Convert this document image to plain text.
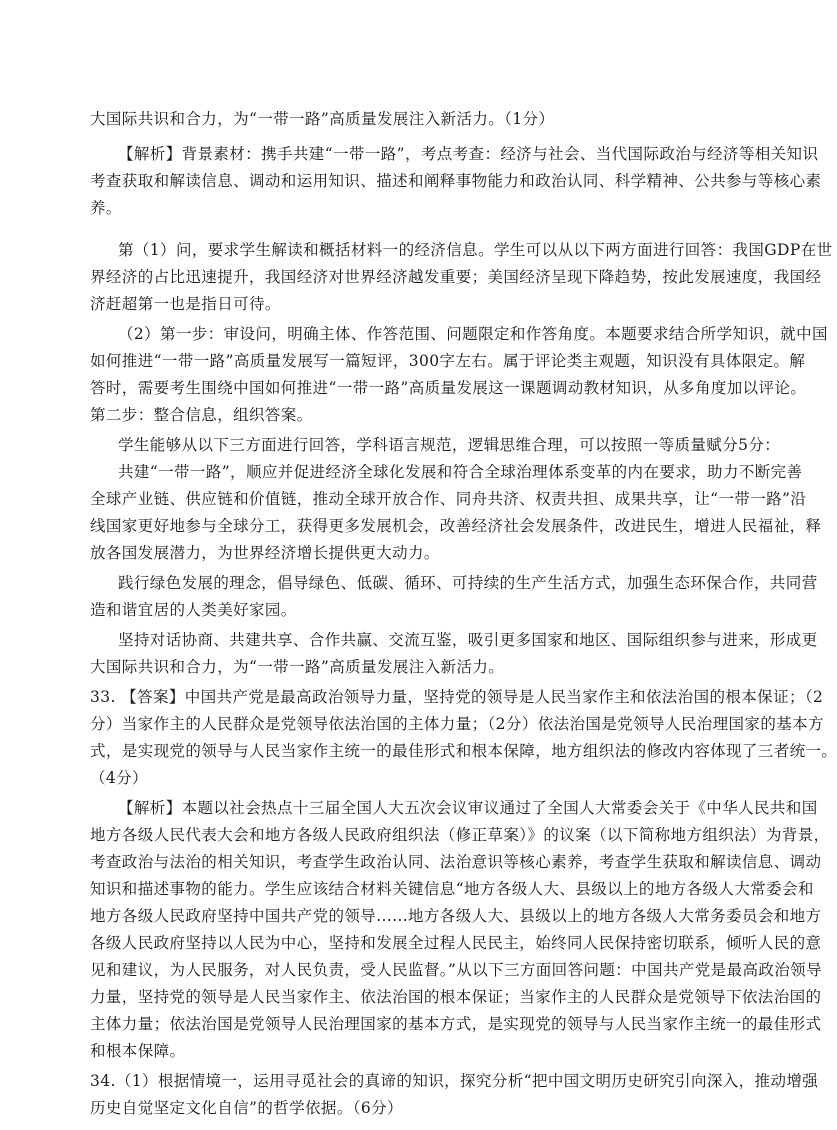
大国际共识和合力，为“一带一路”高质量发展注入新活力。（1分）
【解析】背景素材：携手共建“一带一路”，考点考查：经济与社会、当代国际政治与经济等相关知识
考查获取和解读信息、调动和运用知识、描述和阐释事物能力和政治认同、科学精神、公共参与等核心素
养。
第（1）问，要求学生解读和概括材料一的经济信息。学生可以从以下两方面进行回答：我国GDP在世
界经济的占比迅速提升，我国经济对世界经济越发重要；美国经济呈现下降趋势，按此发展速度，我国经
济赶超第一也是指日可待。
（2）第一步：审设问，明确主体、作答范围、问题限定和作答角度。本题要求结合所学知识，就中国
如何推进“一带一路”高质量发展写一篇短评，300字左右。属于评论类主观题，知识没有具体限定。解
答时，需要考生围绕中国如何推进“一带一路”高质量发展这一课题调动教材知识，从多角度加以评论。
第二步：整合信息，组织答案。
学生能够从以下三方面进行回答，学科语言规范，逻辑思维合理，可以按照一等质量赋分5分：
共建“一带一路”，顺应并促进经济全球化发展和符合全球治理体系变革的内在要求，助力不断完善
全球产业链、供应链和价值链，推动全球开放合作、同舟共济、权责共担、成果共享，让“一带一路”沿
线国家更好地参与全球分工，获得更多发展机会，改善经济社会发展条件，改进民生，增进人民福祉，释
放各国发展潜力，为世界经济增长提供更大动力。
践行绿色发展的理念，倡导绿色、低碳、循环、可持续的生产生活方式，加强生态环保合作，共同营
造和谐宜居的人类美好家园。
坚持对话协商、共建共享、合作共赢、交流互鉴，吸引更多国家和地区、国际组织参与进来，形成更
大国际共识和合力，为“一带一路”高质量发展注入新活力。
33. 【答案】中国共产党是最高政治领导力量，坚持党的领导是人民当家作主和依法治国的根本保证；（2
分）当家作主的人民群众是党领导依法治国的主体力量；（2分）依法治国是党领导人民治理国家的基本方
式，是实现党的领导与人民当家作主统一的最佳形式和根本保障，地方组织法的修改内容体现了三者统一。
（4分）
【解析】本题以社会热点十三届全国人大五次会议审议通过了全国人大常委会关于《中华人民共和国
地方各级人民代表大会和地方各级人民政府组织法（修正草案）》的议案（以下简称地方组织法）为背景，
考查政治与法治的相关知识，考查学生政治认同、法治意识等核心素养，考查学生获取和解读信息、调动
知识和描述事物的能力。学生应该结合材料关键信息“地方各级人大、县级以上的地方各级人大常委会和
地方各级人民政府坚持中国共产党的领导……地方各级人大、县级以上的地方各级人大常务委员会和地方
各级人民政府坚持以人民为中心，坚持和发展全过程人民民主，始终同人民保持密切联系，倾听人民的意
见和建议，为人民服务，对人民负责，受人民监督。”从以下三方面回答问题：中国共产党是最高政治领导
力量，坚持党的领导是人民当家作主、依法治国的根本保证；当家作主的人民群众是党领导下依法治国的
主体力量；依法治国是党领导人民治理国家的基本方式，是实现党的领导与人民当家作主统一的最佳形式
和根本保障。
34.（1）根据情境一，运用寻觅社会的真谛的知识，探究分析“把中国文明历史研究引向深入，推动增强
历史自觉坚定文化自信”的哲学依据。（6分）
